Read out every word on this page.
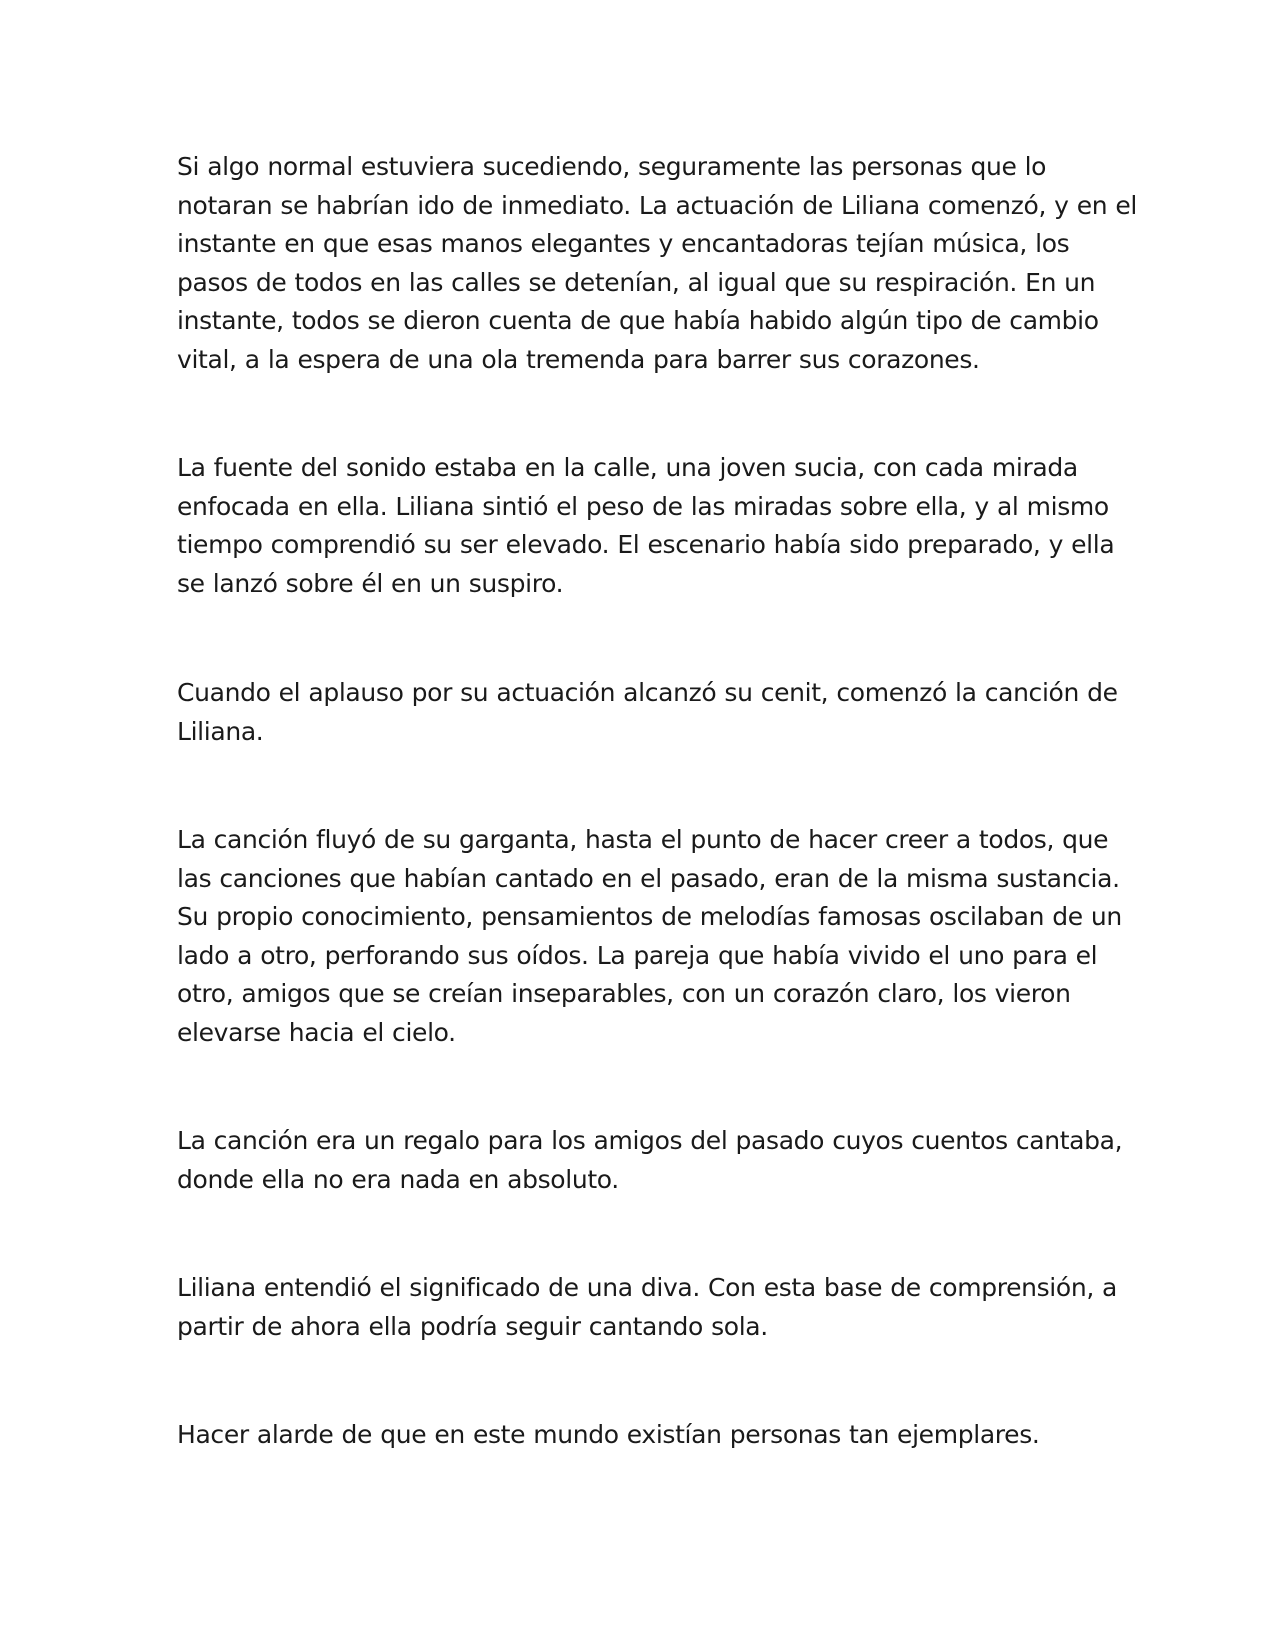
Si algo normal estuviera sucediendo, seguramente las personas que lo
notaran se habrían ido de inmediato. La actuación de Liliana comenzó, y en el
instante en que esas manos elegantes y encantadoras tejían música, los
pasos de todos en las calles se detenían, al igual que su respiración. En un
instante, todos se dieron cuenta de que había habido algún tipo de cambio
vital, a la espera de una ola tremenda para barrer sus corazones.
La fuente del sonido estaba en la calle, una joven sucia, con cada mirada
enfocada en ella. Liliana sintió el peso de las miradas sobre ella, y al mismo
tiempo comprendió su ser elevado. El escenario había sido preparado, y ella
se lanzó sobre él en un suspiro.
Cuando el aplauso por su actuación alcanzó su cenit, comenzó la canción de
Liliana.
La canción fluyó de su garganta, hasta el punto de hacer creer a todos, que
las canciones que habían cantado en el pasado, eran de la misma sustancia.
Su propio conocimiento, pensamientos de melodías famosas oscilaban de un
lado a otro, perforando sus oídos. La pareja que había vivido el uno para el
otro, amigos que se creían inseparables, con un corazón claro, los vieron
elevarse hacia el cielo.
La canción era un regalo para los amigos del pasado cuyos cuentos cantaba,
donde ella no era nada en absoluto.
Liliana entendió el significado de una diva. Con esta base de comprensión, a
partir de ahora ella podría seguir cantando sola.
Hacer alarde de que en este mundo existían personas tan ejemplares.
